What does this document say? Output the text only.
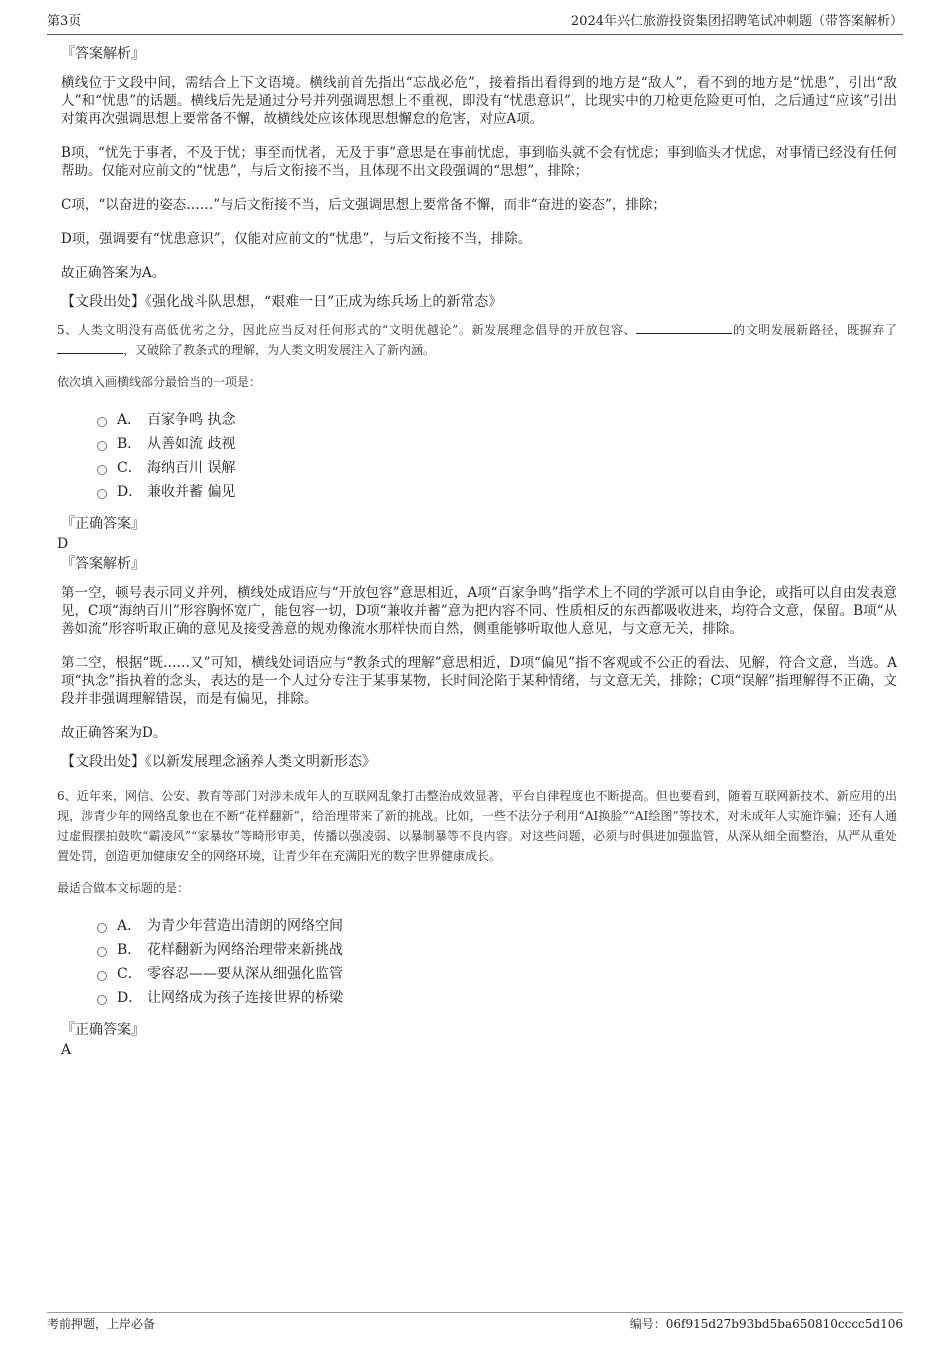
第3页	2024年兴仁旅游投资集团招聘笔试冲刺题（带答案解析）
『答案解析』
横线位于文段中间，需结合上下文语境。横线前首先指出“忘战必危”，接着指出看得到的地方是“敌人”，看不到的地方是“忧患”，引出“敌人”和“忧患”的话题。横线后先是通过分号并列强调思想上不重视，即没有“忧患意识”，比现实中的刀枪更危险更可怕，之后通过“应该”引出对策再次强调思想上要常备不懈，故横线处应该体现思想懈怠的危害，对应A项。
B项，“忧先于事者，不及于忧；事至而忧者，无及于事”意思是在事前忧虑，事到临头就不会有忧虑；事到临头才忧虑，对事情已经没有任何帮助。仅能对应前文的“忧患”，与后文衔接不当，且体现不出文段强调的“思想”，排除；
C项，“以奋进的姿态……”与后文衔接不当，后文强调思想上要常备不懈，而非“奋进的姿态”，排除；
D项，强调要有“忧患意识”，仅能对应前文的“忧患”，与后文衔接不当，排除。
故正确答案为A。
【文段出处】《强化战斗队思想，“艰难一日”正成为练兵场上的新常态》
5、人类文明没有高低优劣之分，因此应当反对任何形式的“文明优越论”。新发展理念倡导的开放包容、	的文明发展新路径，既摒弃了，又破除了教条式的理解，为人类文明发展注入了新内涵。
依次填入画横线部分最恰当的一项是：
A． 百家争鸣 执念
B． 从善如流 歧视
C． 海纳百川 误解
D． 兼收并蓄 偏见
『正确答案』
D
『答案解析』
第一空，顿号表示同义并列，横线处成语应与“开放包容”意思相近，A项“百家争鸣”指学术上不同的学派可以自由争论，或指可以自由发表意见，C项“海纳百川”形容胸怀宽广，能包容一切，D项“兼收并蓄”意为把内容不同、性质相反的东西都吸收进来，均符合文意，保留。B项“从善如流”形容听取正确的意见及接受善意的规劝像流水那样快而自然，侧重能够听取他人意见，与文意无关，排除。
第二空，根据“既……又”可知，横线处词语应与“教条式的理解”意思相近，D项“偏见”指不客观或不公正的看法、见解，符合文意，当选。A项“执念”指执着的念头，表达的是一个人过分专注于某事某物，长时间沦陷于某种情绪，与文意无关，排除；C项“误解”指理解得不正确，文段并非强调理解错误，而是有偏见，排除。
故正确答案为D。
【文段出处】《以新发展理念涵养人类文明新形态》
6、近年来，网信、公安、教育等部门对涉未成年人的互联网乱象打击整治成效显著，平台自律程度也不断提高。但也要看到，随着互联网新技术、新应用的出现，涉青少年的网络乱象也在不断“花样翻新”，给治理带来了新的挑战。比如，一些不法分子利用“AI换脸”“AI绘图”等技术，对未成年人实施诈骗；还有人通过虚假摆拍鼓吹“霸凌风”“家暴妆”等畸形审美，传播以强凌弱、以暴制暴等不良内容。对这些问题，必须与时俱进加强监管，从深从细全面整治，从严从重处置处罚，创造更加健康安全的网络环境，让青少年在充满阳光的数字世界健康成长。
最适合做本文标题的是：
A． 为青少年营造出清朗的网络空间
B． 花样翻新为网络治理带来新挑战
C． 零容忍——要从深从细强化监管
D． 让网络成为孩子连接世界的桥梁
『正确答案』
A
考前押题，上岸必备	编号：06f915d27b93bd5ba650810cccc5d106
